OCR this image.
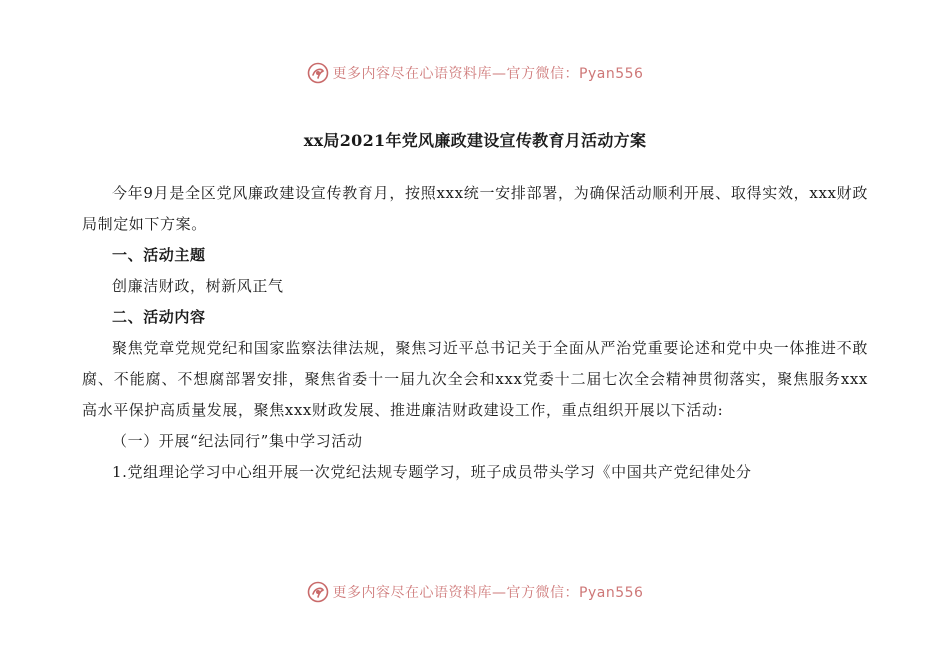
更多内容尽在心语资料库—官方微信：Pyan556
xx局2021年党风廉政建设宣传教育月活动方案

今年9月是全区党风廉政建设宣传教育月，按照xxx统一安排部署，为确保活动顺利开展、取得实效，xxx财政局制定如下方案。

一、活动主题

创廉洁财政，树新风正气

二、活动内容

聚焦党章党规党纪和国家监察法律法规，聚焦习近平总书记关于全面从严治党重要论述和党中央一体推进不敢腐、不能腐、不想腐部署安排，聚焦省委十一届九次全会和xxx党委十二届七次全会精神贯彻落实，聚焦服务xxx高水平保护高质量发展，聚焦xxx财政发展、推进廉洁财政建设工作，重点组织开展以下活动:

（一）开展“纪法同行”集中学习活动

1.党组理论学习中心组开展一次党纪法规专题学习，班子成员带头学习《中国共产党纪律处分

更多内容尽在心语资料库—官方微信：Pyan556
